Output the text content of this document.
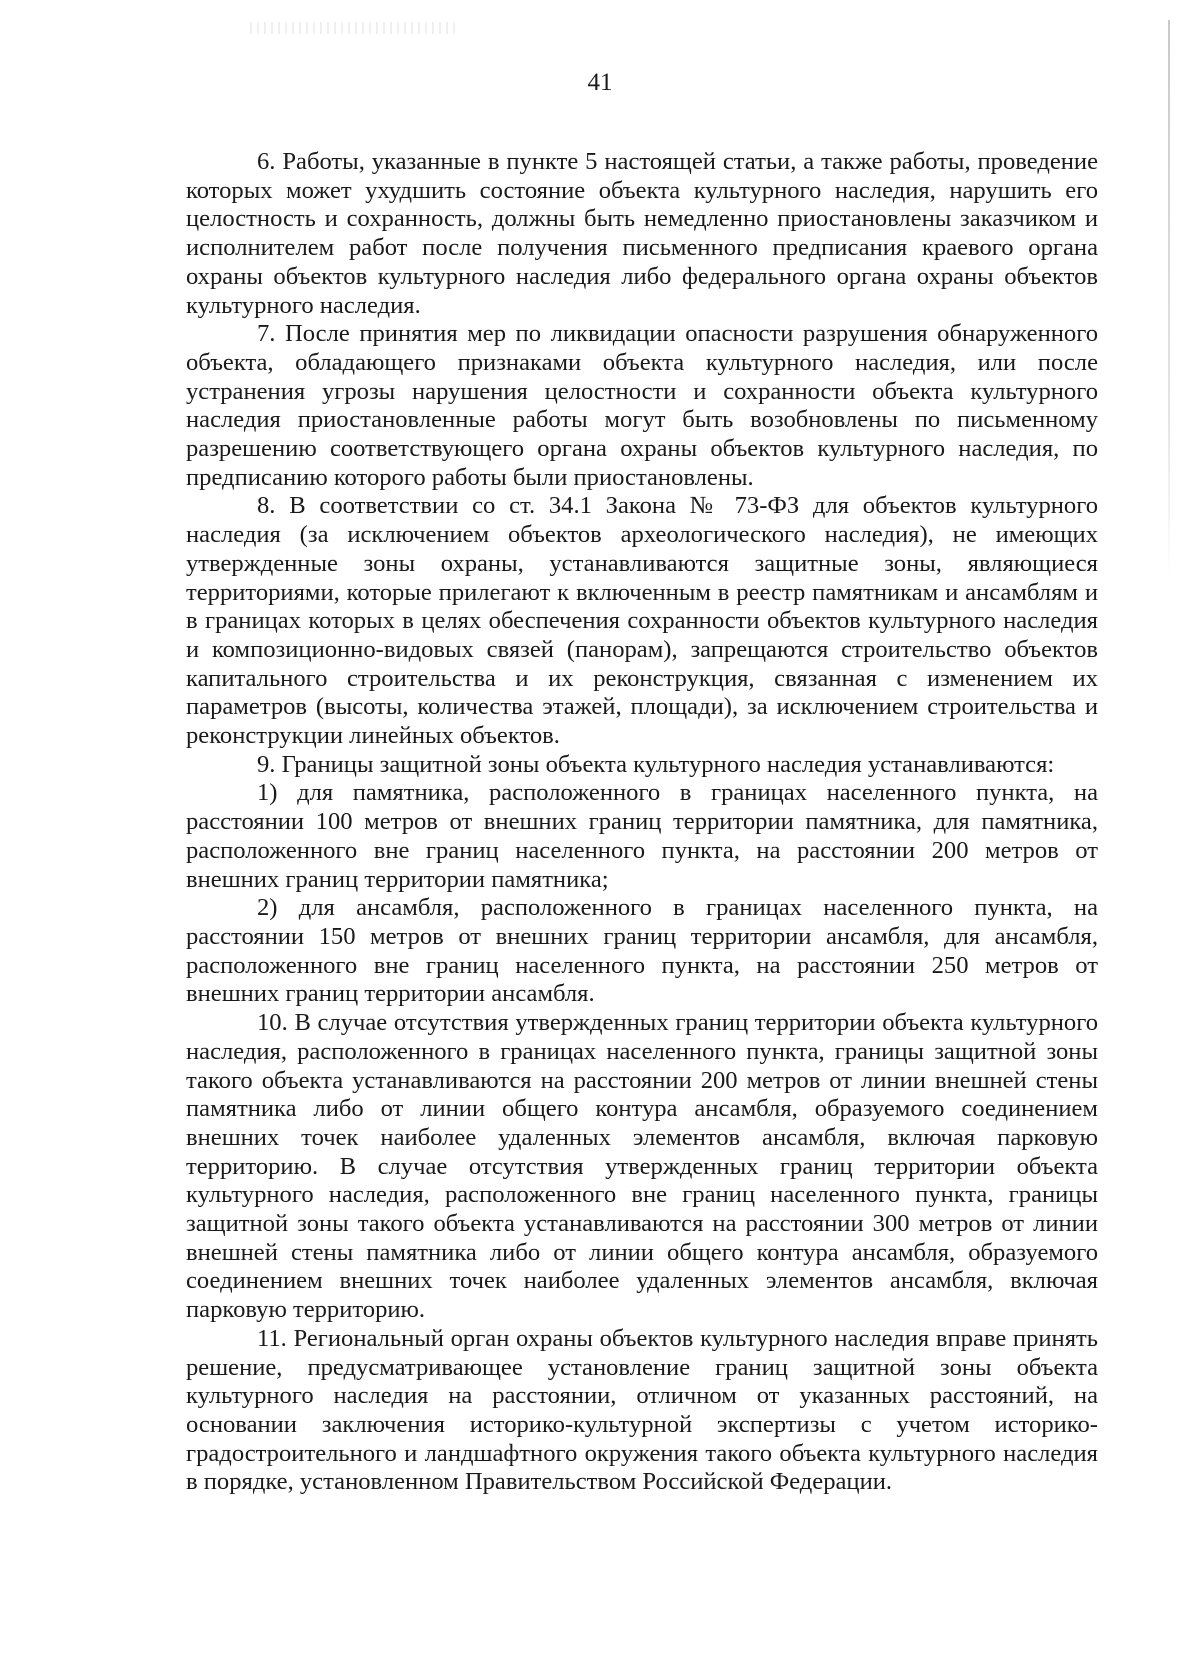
41

6. Работы, указанные в пункте 5 настоящей статьи, а также работы, проведение которых может ухудшить состояние объекта культурного наследия, нарушить его целостность и сохранность, должны быть немедленно приостановлены заказчиком и исполнителем работ после получения письменного предписания краевого органа охраны объектов культурного наследия либо федерального органа охраны объектов культурного наследия.

7. После принятия мер по ликвидации опасности разрушения обнаруженного объекта, обладающего признаками объекта культурного наследия, или после устранения угрозы нарушения целостности и сохранности объекта культурного наследия приостановленные работы могут быть возобновлены по письменному разрешению соответствующего органа охраны объектов культурного наследия, по предписанию которого работы были приостановлены.

8. В соответствии со ст. 34.1 Закона № 73-ФЗ для объектов культурного наследия (за исключением объектов археологического наследия), не имеющих утвержденные зоны охраны, устанавливаются защитные зоны, являющиеся территориями, которые прилегают к включенным в реестр памятникам и ансамблям и в границах которых в целях обеспечения сохранности объектов культурного наследия и композиционно-видовых связей (панорам), запрещаются строительство объектов капитального строительства и их реконструкция, связанная с изменением их параметров (высоты, количества этажей, площади), за исключением строительства и реконструкции линейных объектов.

9. Границы защитной зоны объекта культурного наследия устанавливаются:

1) для памятника, расположенного в границах населенного пункта, на расстоянии 100 метров от внешних границ территории памятника, для памятника, расположенного вне границ населенного пункта, на расстоянии 200 метров от внешних границ территории памятника;

2) для ансамбля, расположенного в границах населенного пункта, на расстоянии 150 метров от внешних границ территории ансамбля, для ансамбля, расположенного вне границ населенного пункта, на расстоянии 250 метров от внешних границ территории ансамбля.

10. В случае отсутствия утвержденных границ территории объекта культурного наследия, расположенного в границах населенного пункта, границы защитной зоны такого объекта устанавливаются на расстоянии 200 метров от линии внешней стены памятника либо от линии общего контура ансамбля, образуемого соединением внешних точек наиболее удаленных элементов ансамбля, включая парковую территорию. В случае отсутствия утвержденных границ территории объекта культурного наследия, расположенного вне границ населенного пункта, границы защитной зоны такого объекта устанавливаются на расстоянии 300 метров от линии внешней стены памятника либо от линии общего контура ансамбля, образуемого соединением внешних точек наиболее удаленных элементов ансамбля, включая парковую территорию.

11. Региональный орган охраны объектов культурного наследия вправе принять решение, предусматривающее установление границ защитной зоны объекта культурного наследия на расстоянии, отличном от указанных расстояний, на основании заключения историко-культурной экспертизы с учетом историко-градостроительного и ландшафтного окружения такого объекта культурного наследия в порядке, установленном Правительством Российской Федерации.
